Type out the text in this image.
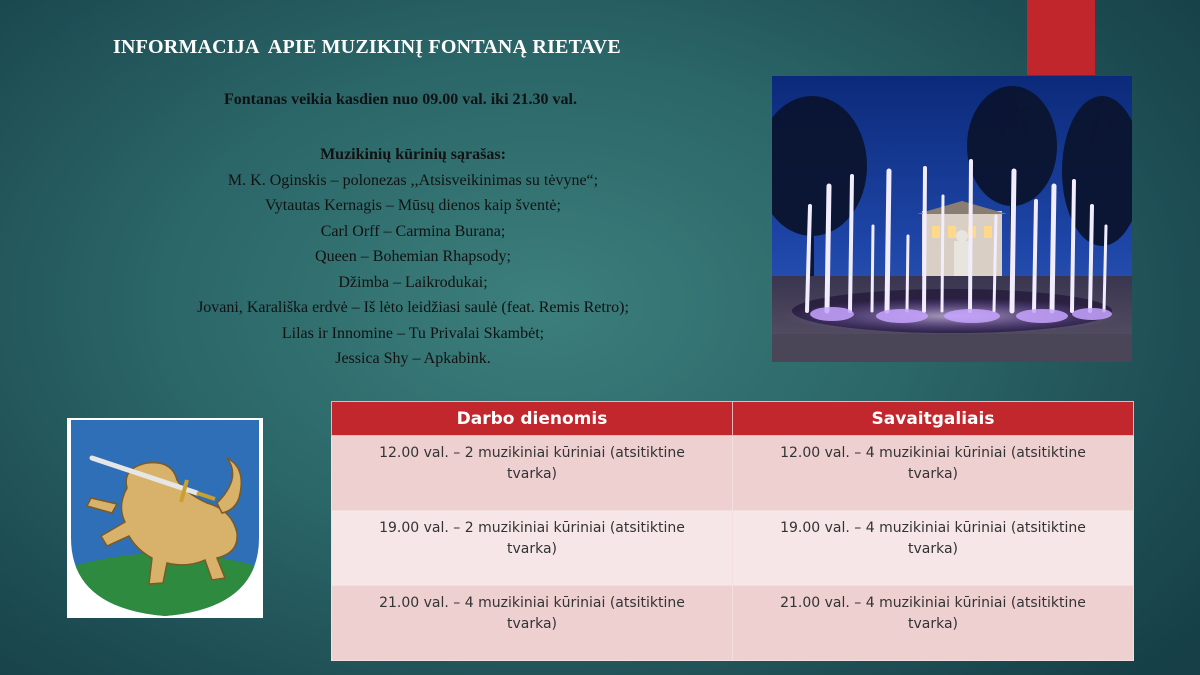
INFORMACIJA  APIE MUZIKINĮ FONTANĄ RIETAVE
Fontanas veikia kasdien nuo 09.00 val. iki 21.30 val.
Muzikinių kūrinių sąrašas:
M. K. Oginskis – polonezas ,,Atsisveikinimas su tėvyne“;
Vytautas Kernagis – Mūsų dienos kaip šventė;
Carl Orff – Carmina Burana;
Queen – Bohemian Rhapsody;
Džimba – Laikrodukai;
Jovani, Karališka erdvė – Iš lėto leidžiasi saulė (feat. Remis Retro);
Lilas ir Innomine – Tu Privalai Skambėt;
Jessica Shy – Apkabink.
Darbo dienomis	Savaitgaliais
12.00 val. – 2 muzikiniai kūriniai (atsitiktine tvarka)	12.00 val. – 4 muzikiniai kūriniai (atsitiktine tvarka)
19.00 val. – 2 muzikiniai kūriniai (atsitiktine tvarka)	19.00 val. – 4 muzikiniai kūriniai (atsitiktine tvarka)
21.00 val. – 4 muzikiniai kūriniai (atsitiktine tvarka)	21.00 val. – 4 muzikiniai kūriniai (atsitiktine tvarka)
